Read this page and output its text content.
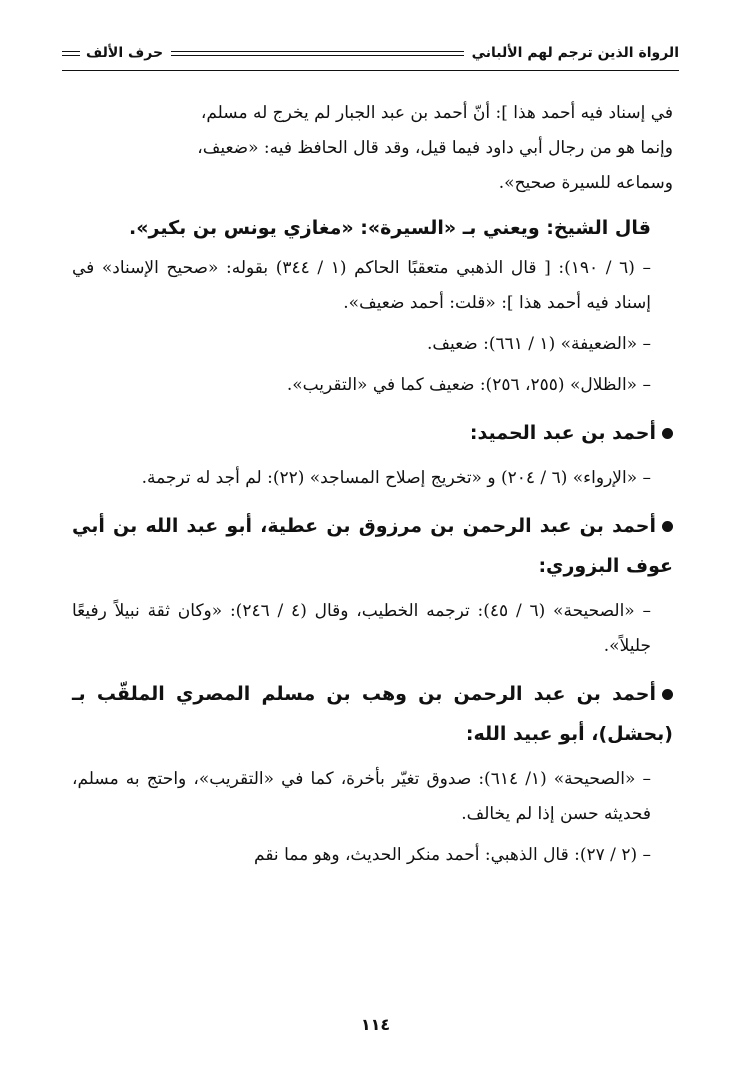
الرواة الذين ترجم لهم الألباني
حرف الألف

في إسناد فيه أحمد هذا ]: أنّ أحمد بن عبد الجبار لم يخرج له مسلم،
وإنما هو من رجال أبي داود فيما قيل، وقد قال الحافظ فيه: «ضعيف،
وسماعه للسيرة صحيح».

قال الشيخ: ويعني بـ «السيرة»: «مغازي يونس بن بكير».

– (٦ / ١٩٠): [ قال الذهبي متعقبًا الحاكم (١ / ٣٤٤) بقوله: «صحيح الإسناد» في إسناد فيه أحمد هذا ]: «قلت: أحمد ضعيف».

– «الضعيفة» (١ / ٦٦١): ضعيف.

– «الظلال» (٢٥٥، ٢٥٦): ضعيف كما في «التقريب».

أحمد بن عبد الحميد:

– «الإرواء» (٦ / ٢٠٤) و «تخريج إصلاح المساجد» (٢٢): لم أجد له ترجمة.

أحمد بن عبد الرحمن بن مرزوق بن عطية، أبو عبد الله بن أبي عوف البزوري:

– «الصحيحة» (٦ / ٤٥): ترجمه الخطيب، وقال (٤ / ٢٤٦): «وكان ثقة نبيلاً رفيعًا جليلاً».

أحمد بن عبد الرحمن بن وهب بن مسلم المصري الملقّب بـ (بحشل)، أبو عبيد الله:

– «الصحيحة» (١/ ٦١٤): صدوق تغيّر بأخرة، كما في «التقريب»، واحتج به مسلم، فحديثه حسن إذا لم يخالف.

– (٢ / ٢٧): قال الذهبي: أحمد منكر الحديث، وهو مما نقم

١١٤
